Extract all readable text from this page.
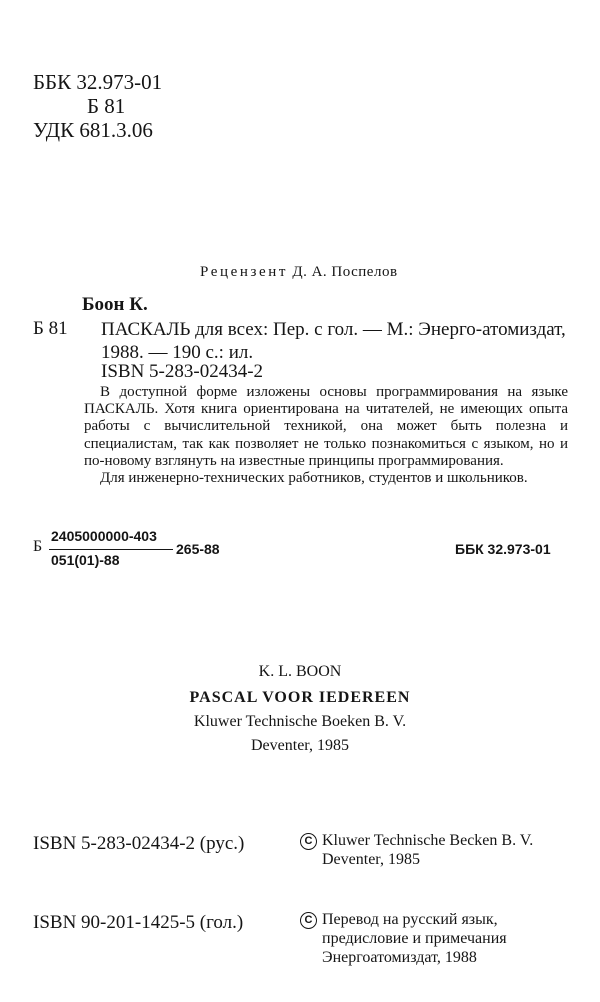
ББК 32.973-01
Б 81
УДК 681.3.06
Рецензент Д. А. Поспелов
Боон К.
Б 81 ПАСКАЛЬ для всех: Пер. с гол. — М.: Энерго-атомиздат, 1988. — 190 с.: ил.
ISBN 5-283-02434-2

В доступной форме изложены основы программирования на языке ПАСКАЛЬ. Хотя книга ориентирована на читателей, не имеющих опыта работы с вычислительной техникой, она может быть полезна и специалистам, так как позволяет не только познакомиться с языком, но и по-новому взглянуть на известные принципы программирования.

Для инженерно-технических работников, студентов и школьников.

Б
2405000000-403
051(01)-88
265-88	ББК 32.973-01
K. L. BOON
PASCAL VOOR IEDEREEN
Kluwer Technische Boeken B. V.
Deventer, 1985
ISBN 5-283-02434-2 (рус.)
ISBN 90-201-1425-5 (гол.)
C Kluwer Technische Becken B. V.
Deventer, 1985
C Перевод на русский язык,
предисловие и примечания
Энергоатомиздат, 1988
